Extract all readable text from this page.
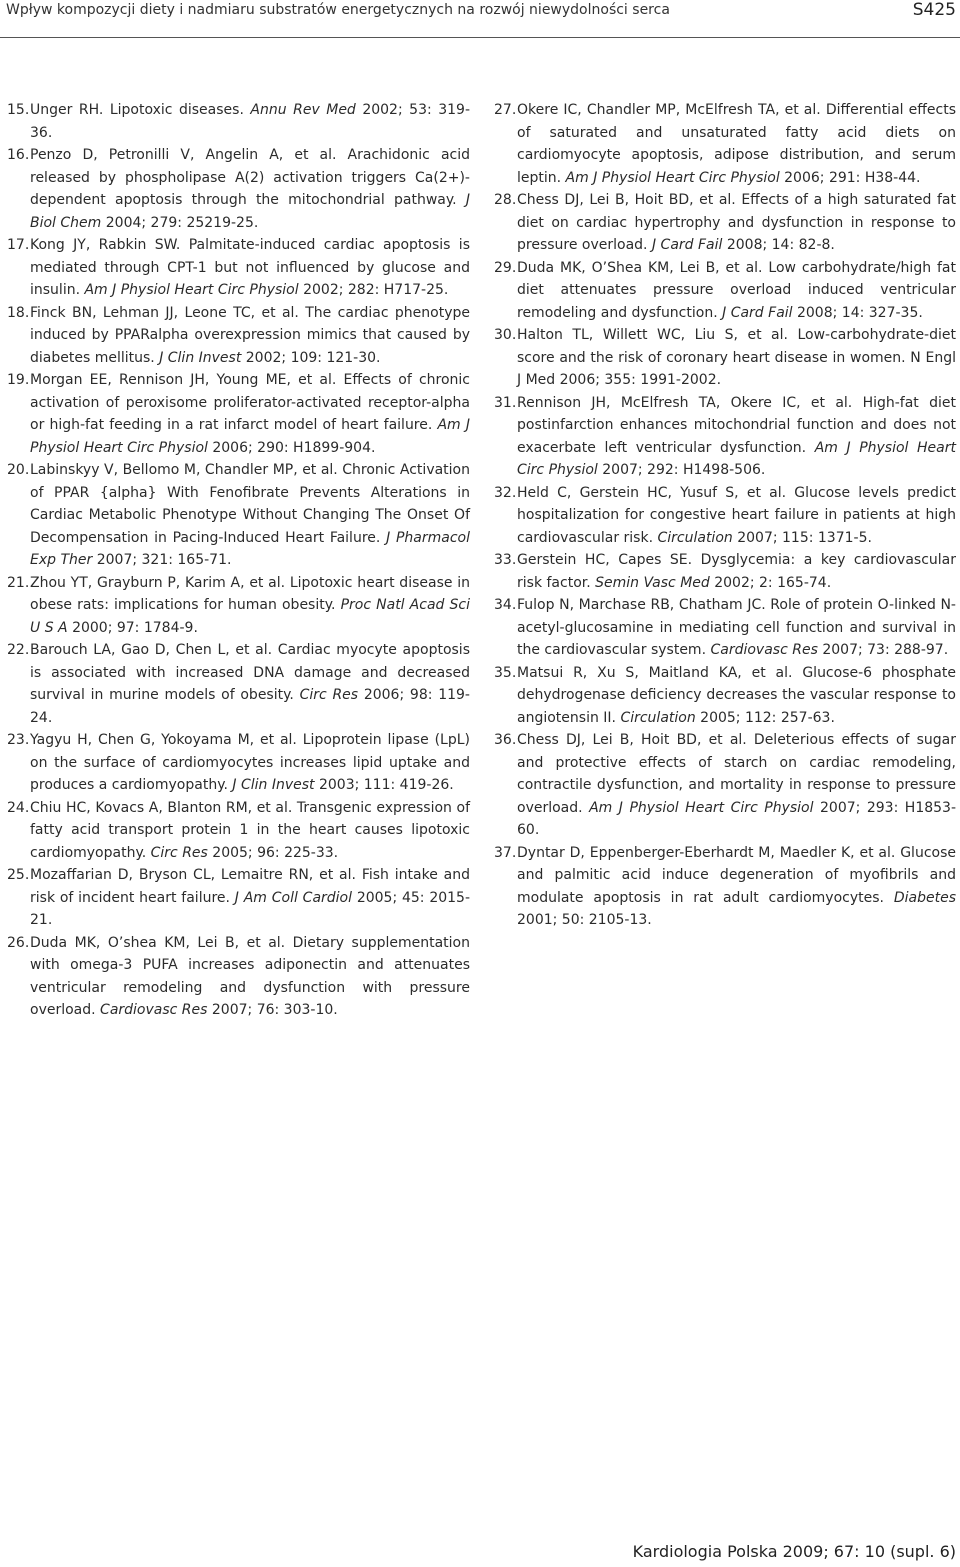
Wpływ kompozycji diety i nadmiaru substratów energetycznych na rozwój niewydolności serca	S425
15. Unger RH. Lipotoxic diseases. Annu Rev Med 2002; 53: 319-36.
16. Penzo D, Petronilli V, Angelin A, et al. Arachidonic acid released by phospholipase A(2) activation triggers Ca(2+)-dependent apoptosis through the mitochondrial pathway. J Biol Chem 2004; 279: 25219-25.
17. Kong JY, Rabkin SW. Palmitate-induced cardiac apoptosis is mediated through CPT-1 but not influenced by glucose and insulin. Am J Physiol Heart Circ Physiol 2002; 282: H717-25.
18. Finck BN, Lehman JJ, Leone TC, et al. The cardiac phenotype induced by PPARalpha overexpression mimics that caused by diabetes mellitus. J Clin Invest 2002; 109: 121-30.
19. Morgan EE, Rennison JH, Young ME, et al. Effects of chronic activation of peroxisome proliferator-activated receptor-alpha or high-fat feeding in a rat infarct model of heart failure. Am J Physiol Heart Circ Physiol 2006; 290: H1899-904.
20. Labinskyy V, Bellomo M, Chandler MP, et al. Chronic Activation of PPAR {alpha} With Fenofibrate Prevents Alterations in Cardiac Metabolic Phenotype Without Changing The Onset Of Decompensation in Pacing-Induced Heart Failure. J Pharmacol Exp Ther 2007; 321: 165-71.
21. Zhou YT, Grayburn P, Karim A, et al. Lipotoxic heart disease in obese rats: implications for human obesity. Proc Natl Acad Sci U S A 2000; 97: 1784-9.
22. Barouch LA, Gao D, Chen L, et al. Cardiac myocyte apoptosis is associated with increased DNA damage and decreased survival in murine models of obesity. Circ Res 2006; 98: 119-24.
23. Yagyu H, Chen G, Yokoyama M, et al. Lipoprotein lipase (LpL) on the surface of cardiomyocytes increases lipid uptake and produces a cardiomyopathy. J Clin Invest 2003; 111: 419-26.
24. Chiu HC, Kovacs A, Blanton RM, et al. Transgenic expression of fatty acid transport protein 1 in the heart causes lipotoxic cardiomyopathy. Circ Res 2005; 96: 225-33.
25. Mozaffarian D, Bryson CL, Lemaitre RN, et al. Fish intake and risk of incident heart failure. J Am Coll Cardiol 2005; 45: 2015-21.
26. Duda MK, O’shea KM, Lei B, et al. Dietary supplementation with omega-3 PUFA increases adiponectin and attenuates ventricular remodeling and dysfunction with pressure overload. Cardiovasc Res 2007; 76: 303-10.
27. Okere IC, Chandler MP, McElfresh TA, et al. Differential effects of saturated and unsaturated fatty acid diets on cardiomyocyte apoptosis, adipose distribution, and serum leptin. Am J Physiol Heart Circ Physiol 2006; 291: H38-44.
28. Chess DJ, Lei B, Hoit BD, et al. Effects of a high saturated fat diet on cardiac hypertrophy and dysfunction in response to pressure overload. J Card Fail 2008; 14: 82-8.
29. Duda MK, O’Shea KM, Lei B, et al. Low carbohydrate/high fat diet attenuates pressure overload induced ventricular remodeling and dysfunction. J Card Fail 2008; 14: 327-35.
30. Halton TL, Willett WC, Liu S, et al. Low-carbohydrate-diet score and the risk of coronary heart disease in women. N Engl J Med 2006; 355: 1991-2002.
31. Rennison JH, McElfresh TA, Okere IC, et al. High-fat diet postinfarction enhances mitochondrial function and does not exacerbate left ventricular dysfunction. Am J Physiol Heart Circ Physiol 2007; 292: H1498-506.
32. Held C, Gerstein HC, Yusuf S, et al. Glucose levels predict hospitalization for congestive heart failure in patients at high cardiovascular risk. Circulation 2007; 115: 1371-5.
33. Gerstein HC, Capes SE. Dysglycemia: a key cardiovascular risk factor. Semin Vasc Med 2002; 2: 165-74.
34. Fulop N, Marchase RB, Chatham JC. Role of protein O-linked N-acetyl-glucosamine in mediating cell function and survival in the cardiovascular system. Cardiovasc Res 2007; 73: 288-97.
35. Matsui R, Xu S, Maitland KA, et al. Glucose-6 phosphate dehydrogenase deficiency decreases the vascular response to angiotensin II. Circulation 2005; 112: 257-63.
36. Chess DJ, Lei B, Hoit BD, et al. Deleterious effects of sugar and protective effects of starch on cardiac remodeling, contractile dysfunction, and mortality in response to pressure overload. Am J Physiol Heart Circ Physiol 2007; 293: H1853-60.
37. Dyntar D, Eppenberger-Eberhardt M, Maedler K, et al. Glucose and palmitic acid induce degeneration of myofibrils and modulate apoptosis in rat adult cardiomyocytes. Diabetes 2001; 50: 2105-13.
Kardiologia Polska 2009; 67: 10 (supl. 6)
